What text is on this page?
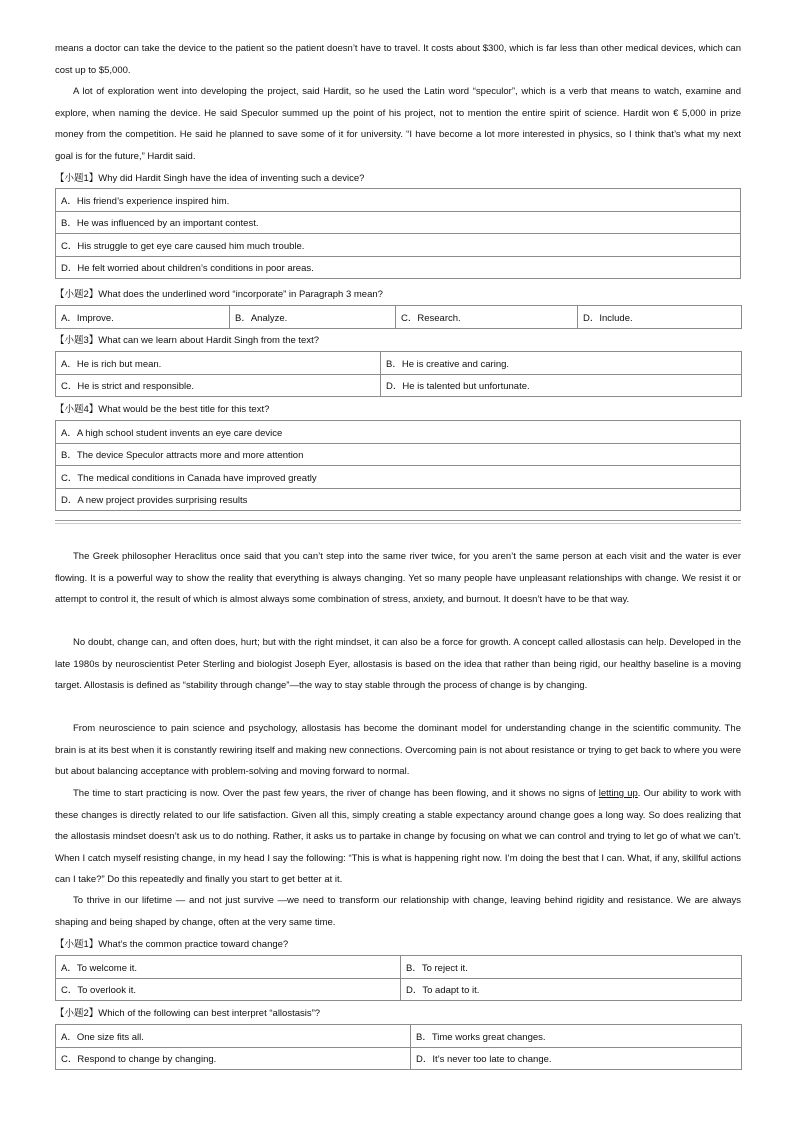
means a doctor can take the device to the patient so the patient doesn’t have to travel. It costs about $300, which is far less than other medical devices, which can cost up to $5,000.

A lot of exploration went into developing the project, said Hardit, so he used the Latin word “speculor”, which is a verb that means to watch, examine and explore, when naming the device. He said Speculor summed up the point of his project, not to mention the entire spirit of science. Hardit won € 5,000 in prize money from the competition. He said he planned to save some of it for university. “I have become a lot more interested in physics, so I think that’s what my next goal is for the future,” Hardit said.

【小题1】Why did Hardit Singh have the idea of inventing such a device?
A．His friend’s experience inspired him.
B．He was influenced by an important contest.
C．His struggle to get eye care caused him much trouble.
D．He felt worried about children’s conditions in poor areas.
【小题2】What does the underlined word “incorporate” in Paragraph 3 mean?
A．Improve.	B．Analyze.	C．Research.	D．Include.
【小题3】What can we learn about Hardit Singh from the text?
A．He is rich but mean.	B．He is creative and caring.
C．He is strict and responsible.	D．He is talented but unfortunate.
【小题4】What would be the best title for this text?
A．A high school student invents an eye care device
B．The device Speculor attracts more and more attention
C．The medical conditions in Canada have improved greatly
D．A new project provides surprising results

The Greek philosopher Heraclitus once said that you can’t step into the same river twice, for you aren’t the same person at each visit and the water is ever flowing. It is a powerful way to show the reality that everything is always changing. Yet so many people have unpleasant relationships with change. We resist it or attempt to control it, the result of which is almost always some combination of stress, anxiety, and burnout. It doesn’t have to be that way.

No doubt, change can, and often does, hurt; but with the right mindset, it can also be a force for growth. A concept called allostasis can help. Developed in the late 1980s by neuroscientist Peter Sterling and biologist Joseph Eyer, allostasis is based on the idea that rather than being rigid, our healthy baseline is a moving target. Allostasis is defined as “stability through change”—the way to stay stable through the process of change is by changing.

From neuroscience to pain science and psychology, allostasis has become the dominant model for understanding change in the scientific community. The brain is at its best when it is constantly rewiring itself and making new connections. Overcoming pain is not about resistance or trying to get back to where you were but about balancing acceptance with problem-solving and moving forward to normal.

The time to start practicing is now. Over the past few years, the river of change has been flowing, and it shows no signs of letting up. Our ability to work with these changes is directly related to our life satisfaction. Given all this, simply creating a stable expectancy around change goes a long way. So does realizing that the allostasis mindset doesn’t ask us to do nothing. Rather, it asks us to partake in change by focusing on what we can control and trying to let go of what we can’t. When I catch myself resisting change, in my head I say the following: “This is what is happening right now. I’m doing the best that I can. What, if any, skillful actions can I take?” Do this repeatedly and finally you start to get better at it.

To thrive in our lifetime — and not just survive —we need to transform our relationship with change, leaving behind rigidity and resistance. We are always shaping and being shaped by change, often at the very same time.

【小题1】What’s the common practice toward change?
A．To welcome it.	B．To reject it.
C．To overlook it.	D．To adapt to it.
【小题2】Which of the following can best interpret “allostasis”?
A．One size fits all.	B．Time works great changes.
C．Respond to change by changing.	D．It’s never too late to change.
